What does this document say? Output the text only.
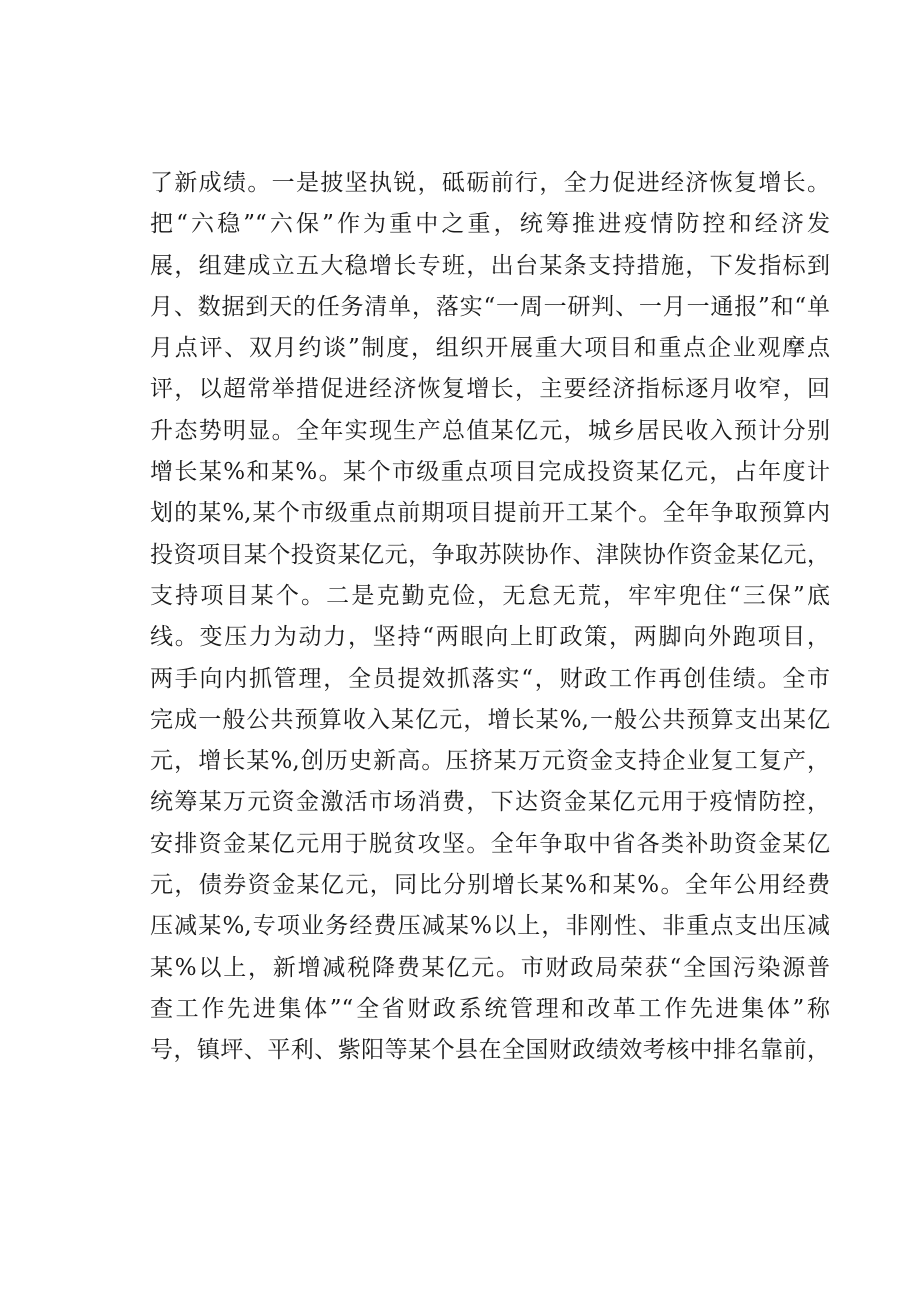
了新成绩。一是披坚执锐，砥砺前行，全力促进经济恢复增长。
把“六稳”“六保”作为重中之重，统筹推进疫情防控和经济发
展，组建成立五大稳增长专班，出台某条支持措施，下发指标到
月、数据到天的任务清单，落实“一周一研判、一月一通报”和“单
月点评、双月约谈”制度，组织开展重大项目和重点企业观摩点
评，以超常举措促进经济恢复增长，主要经济指标逐月收窄，回
升态势明显。全年实现生产总值某亿元，城乡居民收入预计分别
增长某%和某%。某个市级重点项目完成投资某亿元，占年度计
划的某%,某个市级重点前期项目提前开工某个。全年争取预算内
投资项目某个投资某亿元，争取苏陕协作、津陕协作资金某亿元，
支持项目某个。二是克勤克俭，无怠无荒，牢牢兜住“三保”底
线。变压力为动力，坚持“两眼向上盯政策，两脚向外跑项目，
两手向内抓管理，全员提效抓落实“，财政工作再创佳绩。全市
完成一般公共预算收入某亿元，增长某%,一般公共预算支出某亿
元，增长某%,创历史新高。压挤某万元资金支持企业复工复产，
统筹某万元资金激活市场消费，下达资金某亿元用于疫情防控，
安排资金某亿元用于脱贫攻坚。全年争取中省各类补助资金某亿
元，债券资金某亿元，同比分别增长某%和某%。全年公用经费
压减某%,专项业务经费压减某%以上，非刚性、非重点支出压减
某%以上，新增减税降费某亿元。市财政局荣获“全国污染源普
查工作先进集体”“全省财政系统管理和改革工作先进集体”称
号，镇坪、平利、紫阳等某个县在全国财政绩效考核中排名靠前，
